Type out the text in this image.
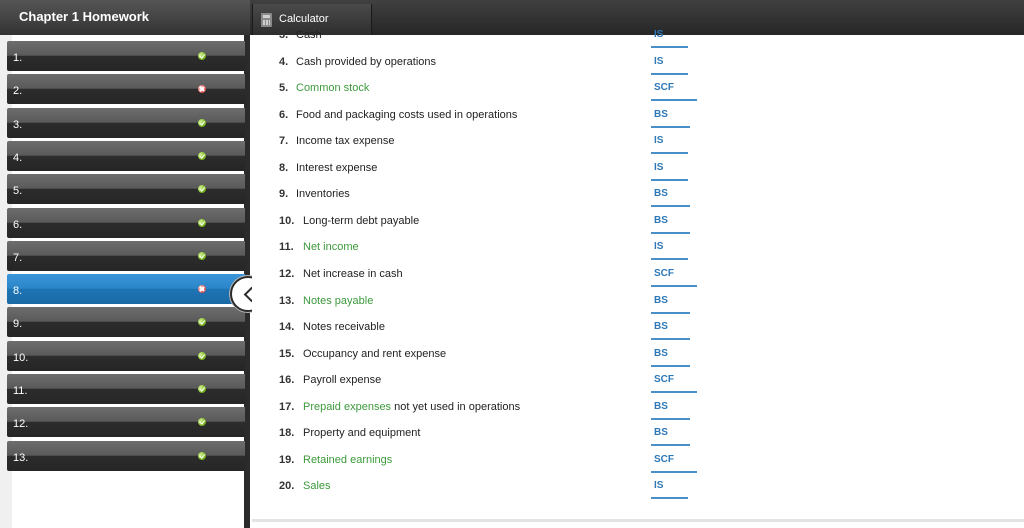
Chapter 1 Homework	Calculator
1.
2.
3.
4.
5.
6.
7.
8.
9.
10.
11.
12.
13.
3. Cash	IS
4. Cash provided by operations	IS
5. Common stock	SCF
6. Food and packaging costs used in operations	BS
7. Income tax expense	IS
8. Interest expense	IS
9. Inventories	BS
10. Long-term debt payable	BS
11. Net income	IS
12. Net increase in cash	SCF
13. Notes payable	BS
14. Notes receivable	BS
15. Occupancy and rent expense	BS
16. Payroll expense	SCF
17. Prepaid expenses not yet used in operations	BS
18. Property and equipment	BS
19. Retained earnings	SCF
20. Sales	IS
